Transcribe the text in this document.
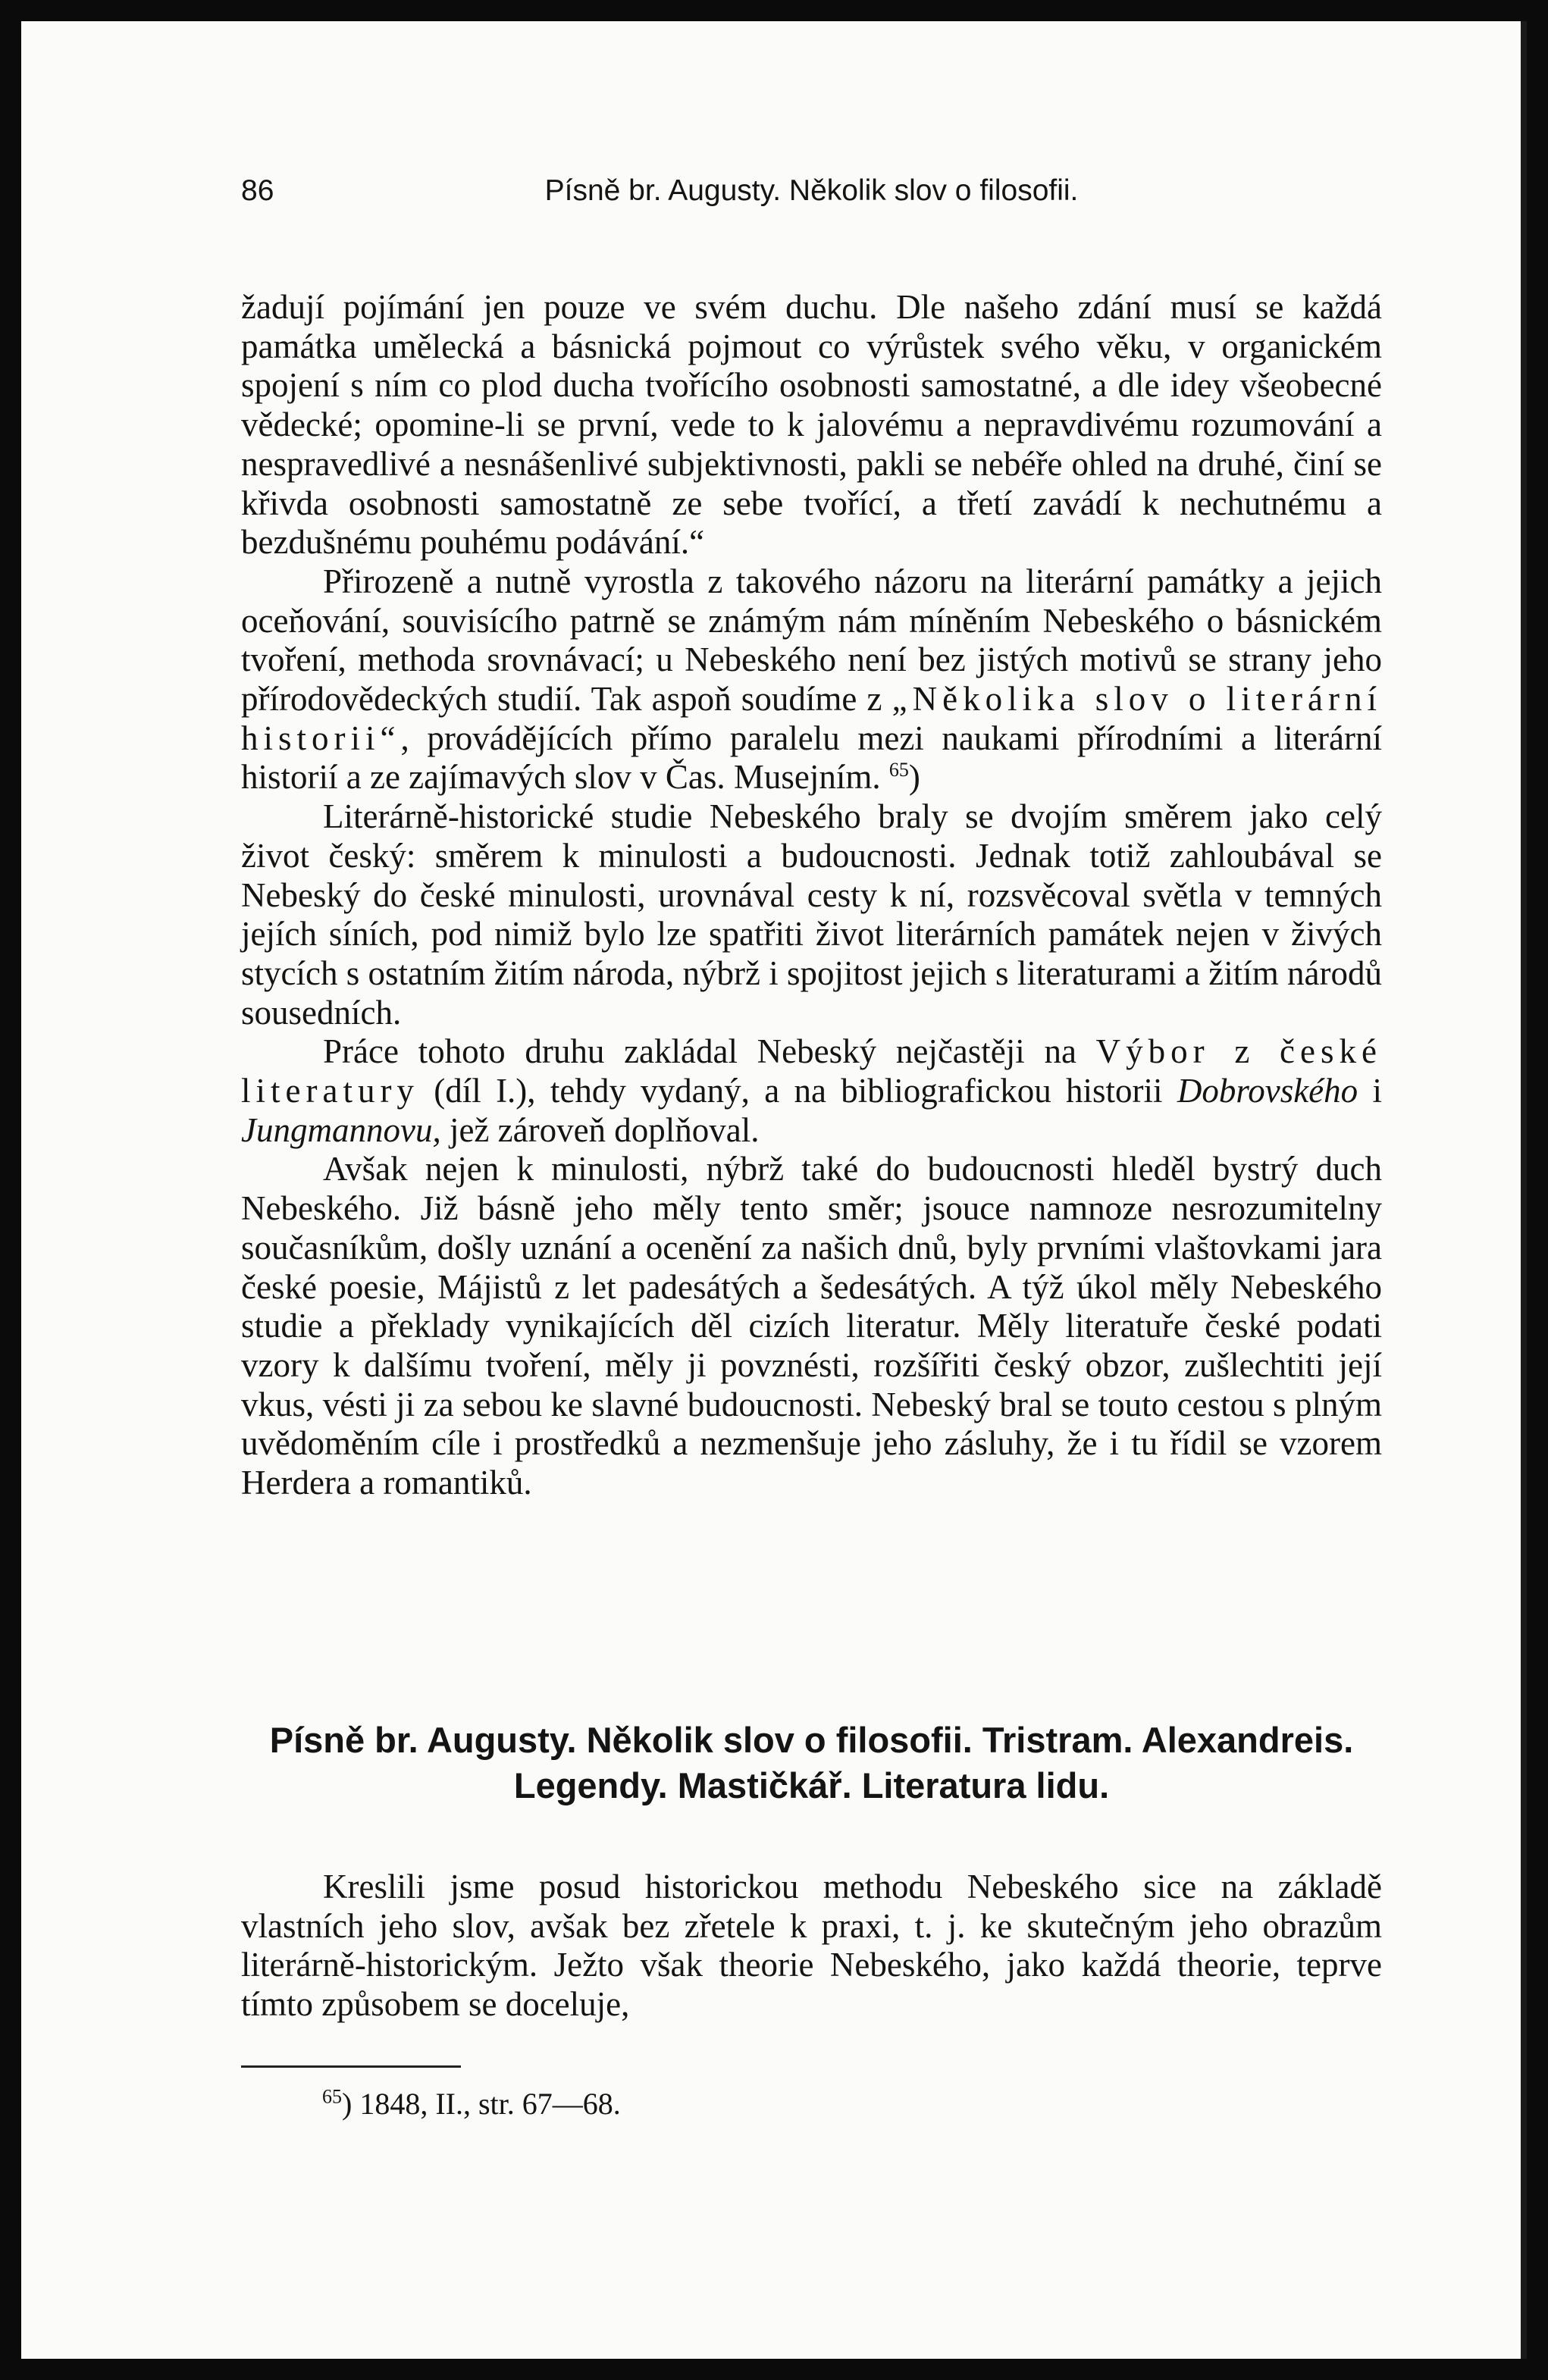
86	Písně br. Augusty. Několik slov o filosofii.

žadují pojímání jen pouze ve svém duchu. Dle našeho zdání musí se každá památka umělecká a básnická pojmout co výrůstek svého věku, v organickém spojení s ním co plod ducha tvořícího osobnosti samostatné, a dle idey všeobecné vědecké; opomine-li se první, vede to k jalovému a nepravdivému rozumování a nespravedlivé a nesnášenlivé subjektivnosti, pakli se nebéře ohled na druhé, činí se křivda osobnosti samostatně ze sebe tvořící, a třetí zavádí k nechutnému a bezdušnému pouhému podávání.“

Přirozeně a nutně vyrostla z takového názoru na literární památky a jejich oceňování, souvisícího patrně se známým nám míněním Nebeského o básnickém tvoření, methoda srovnávací; u Nebeského není bez jistých motivů se strany jeho přírodovědeckých studií. Tak aspoň soudíme z „Několika slov o literární historii“, provádějících přímo paralelu mezi naukami přírodními a literární historií a ze zajímavých slov v Čas. Musejním. $^{65}$)

Literárně-historické studie Nebeského braly se dvojím směrem jako celý život český: směrem k minulosti a budoucnosti. Jednak totiž zahloubával se Nebeský do české minulosti, urovnával cesty k ní, rozsvěcoval světla v temných jejích síních, pod nimiž bylo lze spatřiti život literárních památek nejen v živých stycích s ostatním žitím národa, nýbrž i spojitost jejich s literaturami a žitím národů sousedních.

Práce tohoto druhu zakládal Nebeský nejčastěji na Výbor z české literatury (díl I.), tehdy vydaný, a na bibliografickou historii Dobrovského i Jungmannovu, jež zároveň doplňoval.

Avšak nejen k minulosti, nýbrž také do budoucnosti hleděl bystrý duch Nebeského. Již básně jeho měly tento směr; jsouce namnoze nesrozumitelny současníkům, došly uznání a ocenění za našich dnů, byly prvními vlaštovkami jara české poesie, Májistů z let padesátých a šedesátých. A týž úkol měly Nebeského studie a překlady vynikajících děl cizích literatur. Měly literatuře české podati vzory k dalšímu tvoření, měly ji povznésti, rozšířiti český obzor, zušlechtiti její vkus, vésti ji za sebou ke slavné budoucnosti. Nebeský bral se touto cestou s plným uvědoměním cíle i prostředků a nezmenšuje jeho zásluhy, že i tu řídil se vzorem Herdera a romantiků.

Písně br. Augusty. Několik slov o filosofii. Tristram. Alexandreis. Legendy. Mastičkář. Literatura lidu.

Kreslili jsme posud historickou methodu Nebeského sice na základě vlastních jeho slov, avšak bez zřetele k praxi, t. j. ke skutečným jeho obrazům literárně-historickým. Ježto však theorie Nebeského, jako každá theorie, teprve tímto způsobem se doceluje,

$^{65}$) 1848, II., str. 67—68.
